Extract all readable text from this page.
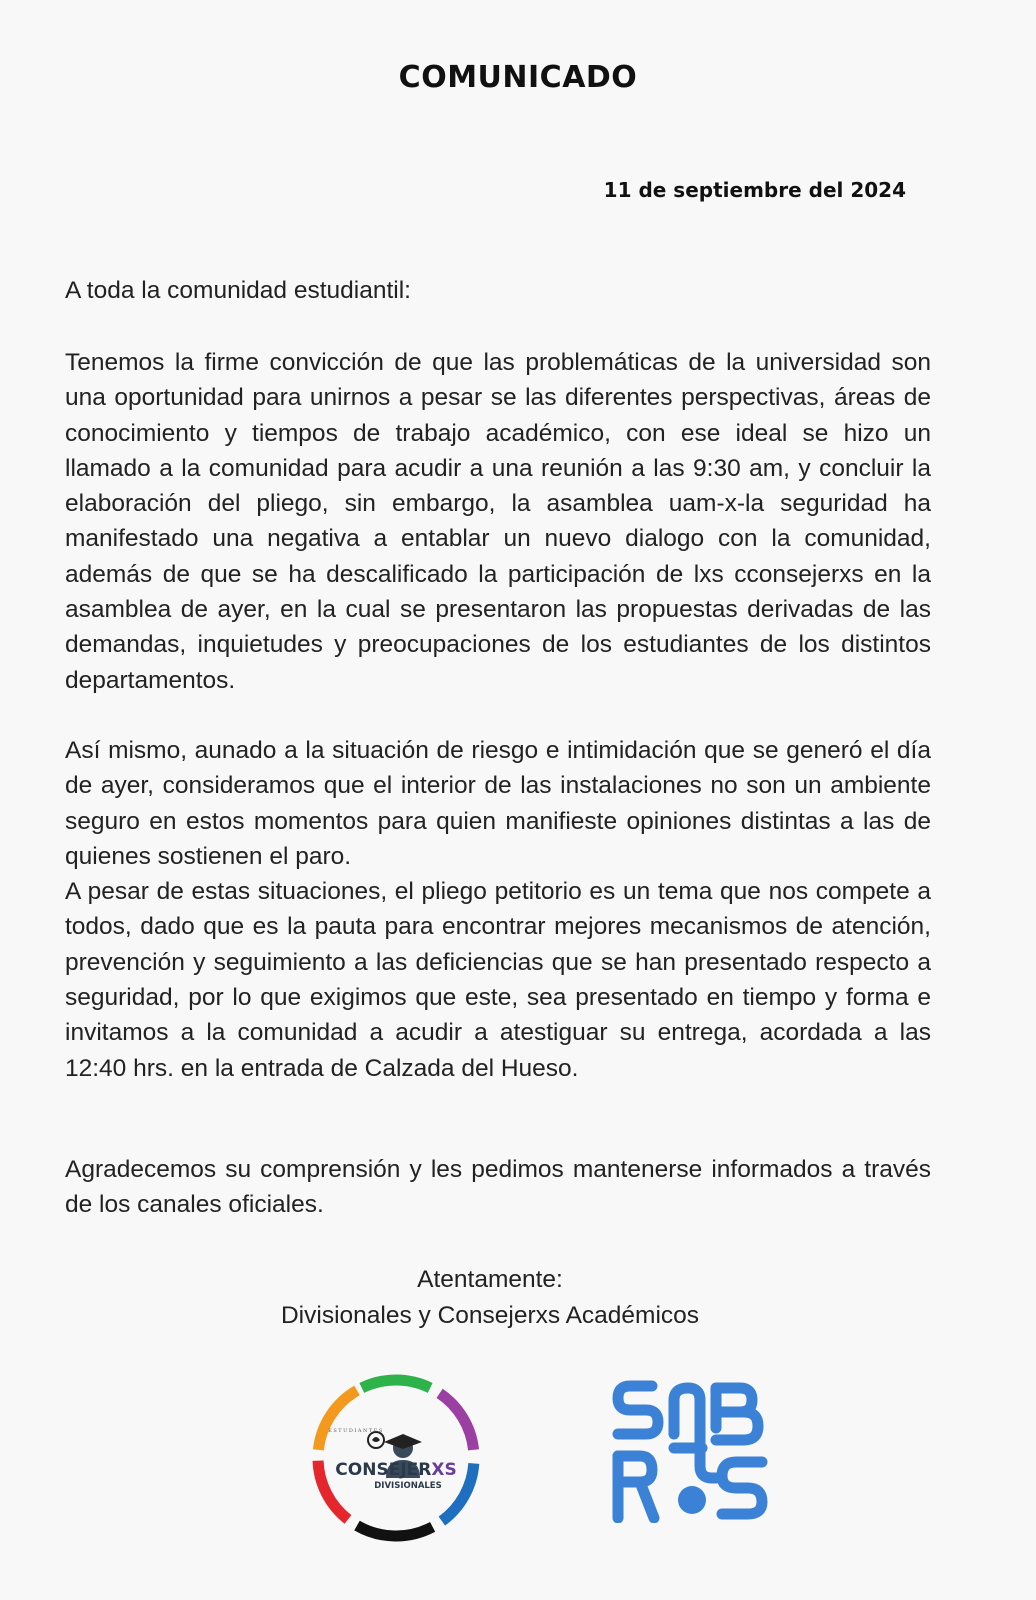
COMUNICADO
11 de septiembre del 2024
A toda la comunidad estudiantil:

Tenemos la firme convicción de que las problemáticas de la universidad son una oportunidad para unirnos a pesar se las diferentes perspectivas, áreas de conocimiento y tiempos de trabajo académico, con ese ideal se hizo un llamado a la comunidad para acudir a una reunión a las 9:30 am, y concluir la elaboración del pliego, sin embargo, la asamblea uam-x-la seguridad ha manifestado una negativa a entablar un nuevo dialogo con la comunidad, además de que se ha descalificado la participación de lxs cconsejerxs en la asamblea de ayer, en la cual se presentaron las propuestas derivadas de las demandas, inquietudes y preocupaciones de los estudiantes de los distintos departamentos.

Así mismo, aunado a la situación de riesgo e intimidación que se generó el día de ayer, consideramos que el interior de las instalaciones no son un ambiente seguro en estos momentos para quien manifieste opiniones distintas a las de quienes sostienen el paro.

A pesar de estas situaciones, el pliego petitorio es un tema que nos compete a todos, dado que es la pauta para encontrar mejores mecanismos de atención, prevención y seguimiento a las deficiencias que se han presentado respecto a seguridad, por lo que exigimos que este, sea presentado en tiempo y forma e invitamos a la comunidad a acudir a atestiguar su entrega, acordada a las 12:40 hrs. en la entrada de Calzada del Hueso.

Agradecemos su comprensión y les pedimos mantenerse informados a través de los canales oficiales.

Atentamente:
Divisionales y Consejerxs Académicos
ESTUDIANTES
CONSEJERXS
DIVISIONALES
